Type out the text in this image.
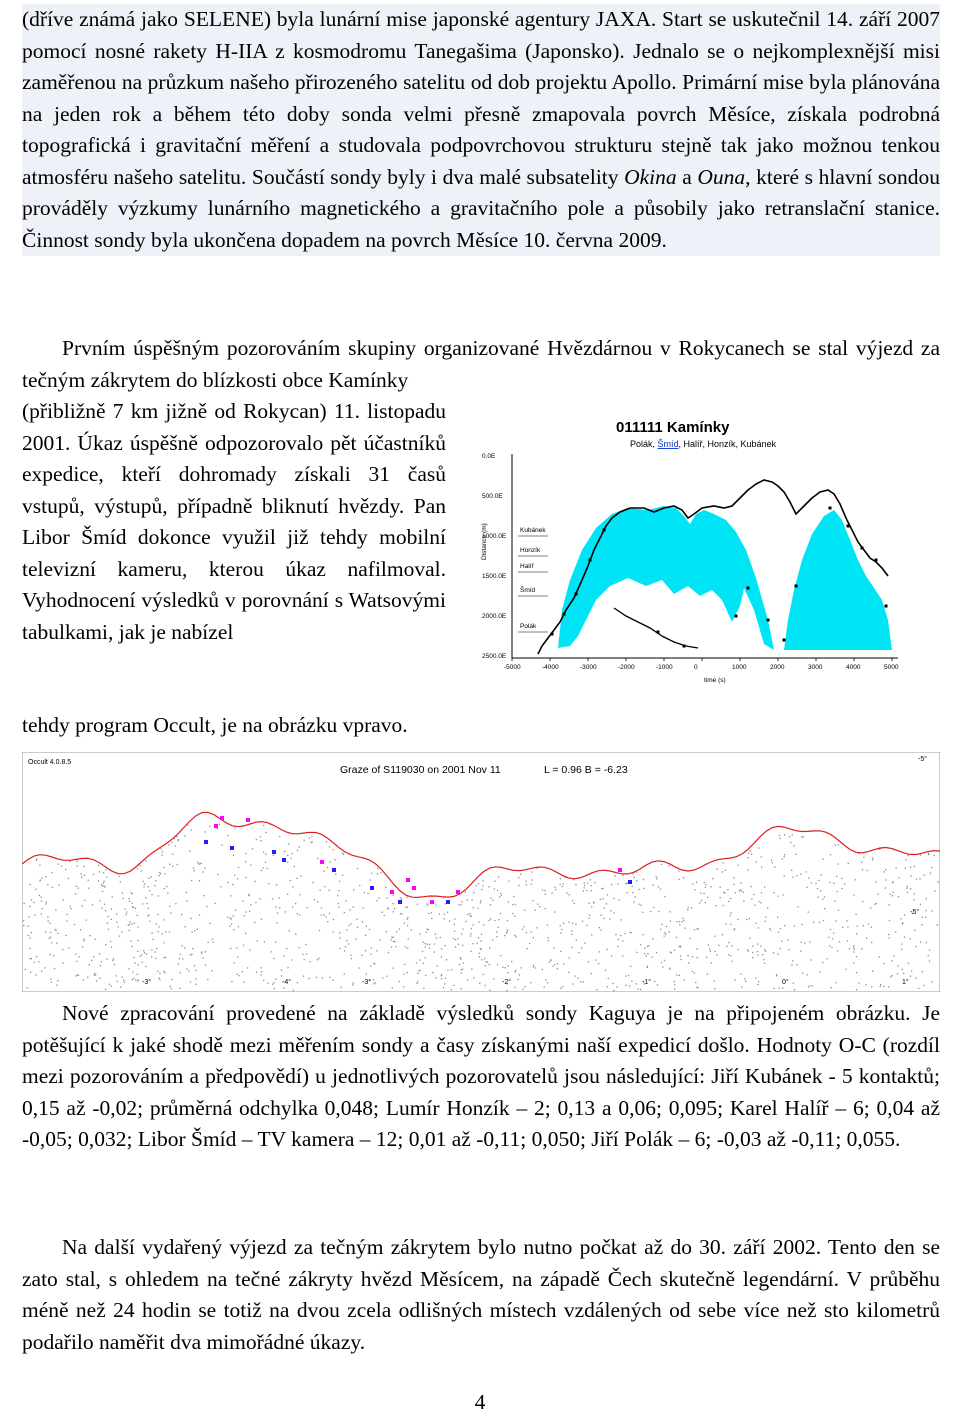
(dříve známá jako SELENE) byla lunární mise japonské agentury JAXA. Start se uskutečnil 14. září 2007 pomocí nosné rakety H-IIA z kosmodromu Tanegašima (Japonsko). Jednalo se o nejkomplexnější misi zaměřenou na průzkum našeho přirozeného satelitu od dob projektu Apollo. Primární mise byla plánována na jeden rok a během této doby sonda velmi přesně zmapovala povrch Měsíce, získala podrobná topografická i gravitační měření a studovala podpovrchovou strukturu stejně tak jako možnou tenkou atmosféru našeho satelitu. Součástí sondy byly i dva malé subsatelity Okina a Ouna, které s hlavní sondou prováděly výzkumy lunárního magnetického a gravitačního pole a působily jako retranslační stanice. Činnost sondy byla ukončena dopadem na povrch Měsíce 10. června 2009.

Prvním úspěšným pozorováním skupiny organizované Hvězdárnou v Rokycanech se stal výjezd za tečným zákrytem do blízkosti obce Kamínky

(přibližně 7 km jižně od Rokycan) 11. listopadu 2001. Úkaz úspěšně odpozorovalo pět účastníků expedice, kteří dohromady získali 31 časů vstupů, výstupů, případně bliknutí hvězdy. Pan Libor Šmíd dokonce využil již tehdy mobilní televizní kameru, kterou úkaz nafilmoval. Vyhodnocení výsledků v porovnání s Watsovými tabulkami, jak je nabízel

tehdy program Occult, je na obrázku vpravo.

011111 Kamínky
Polák, Šmíd, Halíř, Honzík, Kubánek
0.0E
500.0E
1000.0E
1500.0E
2000.0E
2500.0E
-5000	-4000	-3000	-2000	-1000	0	1000	2000	3000	4000	5000
Distance (m)
time (s)
Kubánek
Honzík
Halíř
Šmíd
Polák
Occult 4.0.8.5
Graze of S119030 on 2001 Nov 11	L = 0.96 B = -6.23
-5°
-5°
-3°	-4°	-3°	-2°	-1°	0°	1°

Nové zpracování provedené na základě výsledků sondy Kaguya je na připojeném obrázku. Je potěšující k jaké shodě mezi měřením sondy a časy získanými naší expedicí došlo. Hodnoty O-C (rozdíl mezi pozorováním a předpovědí) u jednotlivých pozorovatelů jsou následující: Jiří Kubánek - 5 kontaktů; 0,15 až -0,02; průměrná odchylka 0,048; Lumír Honzík – 2; 0,13 a 0,06; 0,095; Karel Halíř – 6; 0,04 až -0,05; 0,032; Libor Šmíd – TV kamera – 12; 0,01 až -0,11; 0,050; Jiří Polák – 6; -0,03 až -0,11; 0,055.

Na další vydařený výjezd za tečným zákrytem bylo nutno počkat až do 30. září 2002. Tento den se zato stal, s ohledem na tečné zákryty hvězd Měsícem, na západě Čech skutečně legendární. V průběhu méně než 24 hodin se totiž na dvou zcela odlišných místech vzdálených od sebe více než sto kilometrů podařilo naměřit dva mimořádné úkazy.

4
